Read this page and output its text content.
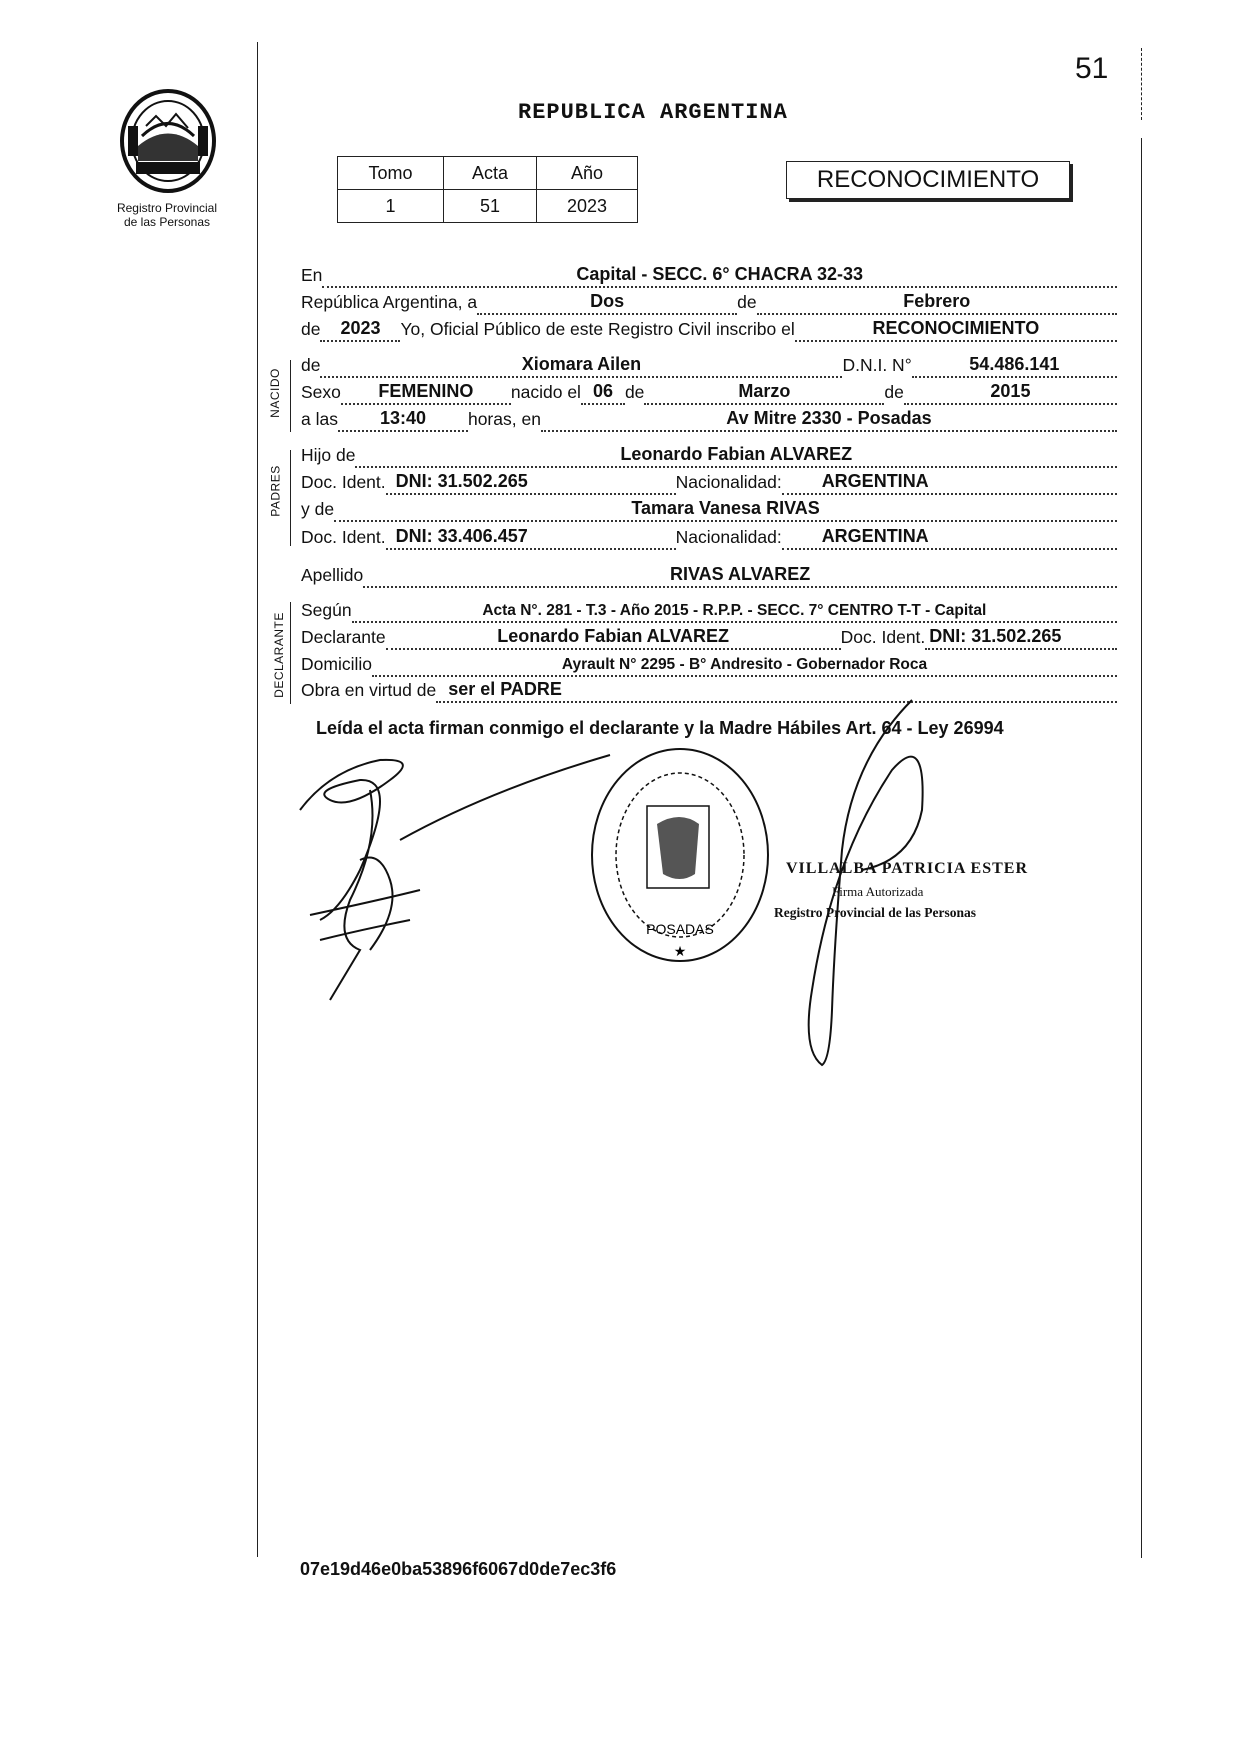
51
REPUBLICA ARGENTINA
Registro Provincial
de las Personas
Tomo	Acta	Año
1	51	2023
RECONOCIMIENTO
NACIDO
PADRES
DECLARANTE
En	Capital - SECC. 6° CHACRA 32-33
República Argentina, a	Dos	de	Febrero
de 2023 Yo, Oficial Público de este Registro Civil inscribo el	RECONOCIMIENTO
de	Xiomara Ailen	D.N.I. N°	54.486.141
Sexo FEMENINO nacido el 06 de	Marzo	de	2015
a las 13:40 horas, en	Av Mitre 2330 - Posadas
Hijo de	Leonardo Fabian ALVAREZ
Doc. Ident. DNI: 31.502.265	Nacionalidad: ARGENTINA
y de	Tamara Vanesa RIVAS
Doc. Ident. DNI: 33.406.457	Nacionalidad: ARGENTINA
Apellido	RIVAS ALVAREZ
Según	Acta N°. 281 - T.3 - Año 2015 - R.P.P. - SECC. 7° CENTRO T-T - Capital
Declarante	Leonardo Fabian ALVAREZ	Doc. Ident. DNI: 31.502.265
Domicilio	Ayrault N° 2295 - B° Andresito - Gobernador Roca
Obra en virtud de ser el PADRE
Leída el acta firman conmigo el declarante y la Madre Hábiles Art. 64 - Ley 26994
POSADAS
★
VILLALBA PATRICIA ESTER
Firma Autorizada
Registro Provincial de las Personas
07e19d46e0ba53896f6067d0de7ec3f6
